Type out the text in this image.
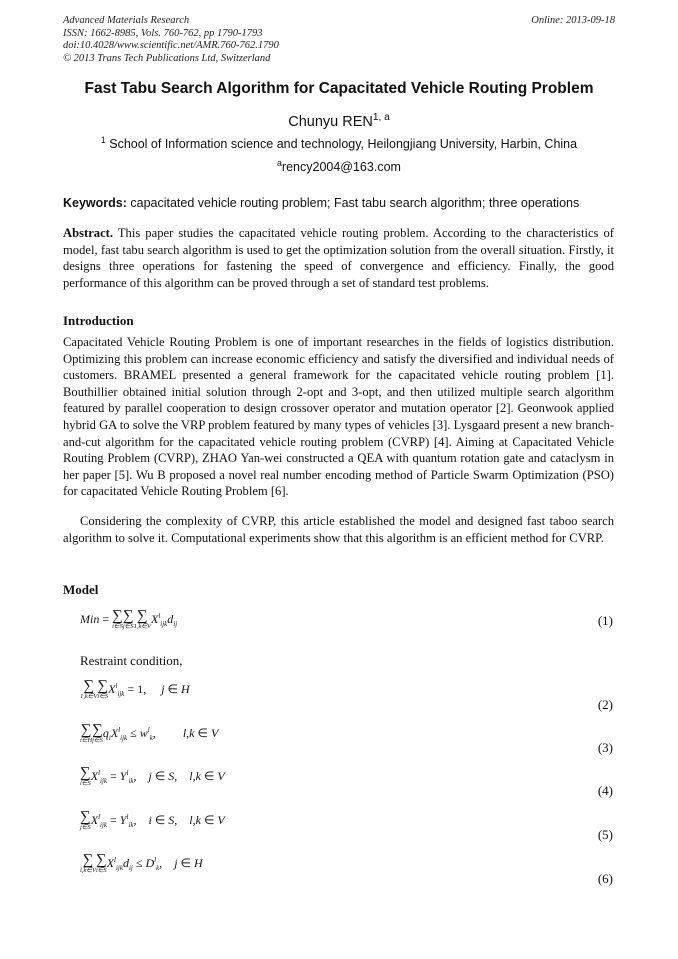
Advanced Materials Research
ISSN: 1662-8985, Vols. 760-762, pp 1790-1793
doi:10.4028/www.scientific.net/AMR.760-762.1790
© 2013 Trans Tech Publications Ltd, Switzerland
Online: 2013-09-18
Fast Tabu Search Algorithm for Capacitated Vehicle Routing Problem
Chunyu REN$^{1, a}$
$^1$ School of Information science and technology, Heilongjiang University, Harbin, China
$^a$rency2004@163.com
Keywords: capacitated vehicle routing problem; Fast tabu search algorithm; three operations
Abstract. This paper studies the capacitated vehicle routing problem. According to the characteristics of model, fast tabu search algorithm is used to get the optimization solution from the overall situation. Firstly, it designs three operations for fastening the speed of convergence and efficiency. Finally, the good performance of this algorithm can be proved through a set of standard test problems.
Introduction
Capacitated Vehicle Routing Problem is one of important researches in the fields of logistics distribution. Optimizing this problem can increase economic efficiency and satisfy the diversified and individual needs of customers. BRAMEL presented a general framework for the capacitated vehicle routing problem [1]. Bouthillier obtained initial solution through 2-opt and 3-opt, and then utilized multiple search algorithm featured by parallel cooperation to design crossover operator and mutation operator [2]. Geonwook applied hybrid GA to solve the VRP problem featured by many types of vehicles [3]. Lysgaard present a new branch-and-cut algorithm for the capacitated vehicle routing problem (CVRP) [4]. Aiming at Capacitated Vehicle Routing Problem (CVRP), ZHAO Yan-wei constructed a QEA with quantum rotation gate and cataclysm in her paper [5]. Wu B proposed a novel real number encoding method of Particle Swarm Optimization (PSO) for capacitated Vehicle Routing Problem [6].
Considering the complexity of CVRP, this article established the model and designed fast taboo search algorithm to solve it. Computational experiments show that this algorithm is an efficient method for CVRP.
Model
Min = ∑
i∈S
∑
j∈S
∑
1,k∈V
$X^l_{ijk}d_{ij}$	(1)
Restraint condition,
∑
1,k∈V
∑
i∈S
$X^l_{ijk} = 1$,     j ∈ H
(2)
∑
i∈H
∑
j∈S
$q_iX^l_{ijk} \le w^l_k$,         l,k ∈ V
(3)
∑
i∈S
$X^l_{ijk} = Y^l_{ik}$,    j ∈ S,    l,k ∈ V
(4)
∑
j∈S
$X^l_{ijk} = Y^l_{ik}$,    i ∈ S,    l,k ∈ V
(5)
∑
l,k∈V
∑
i∈S
$X^l_{ijk}d_{ij} \le D^l_k$,    j ∈ H
(6)
